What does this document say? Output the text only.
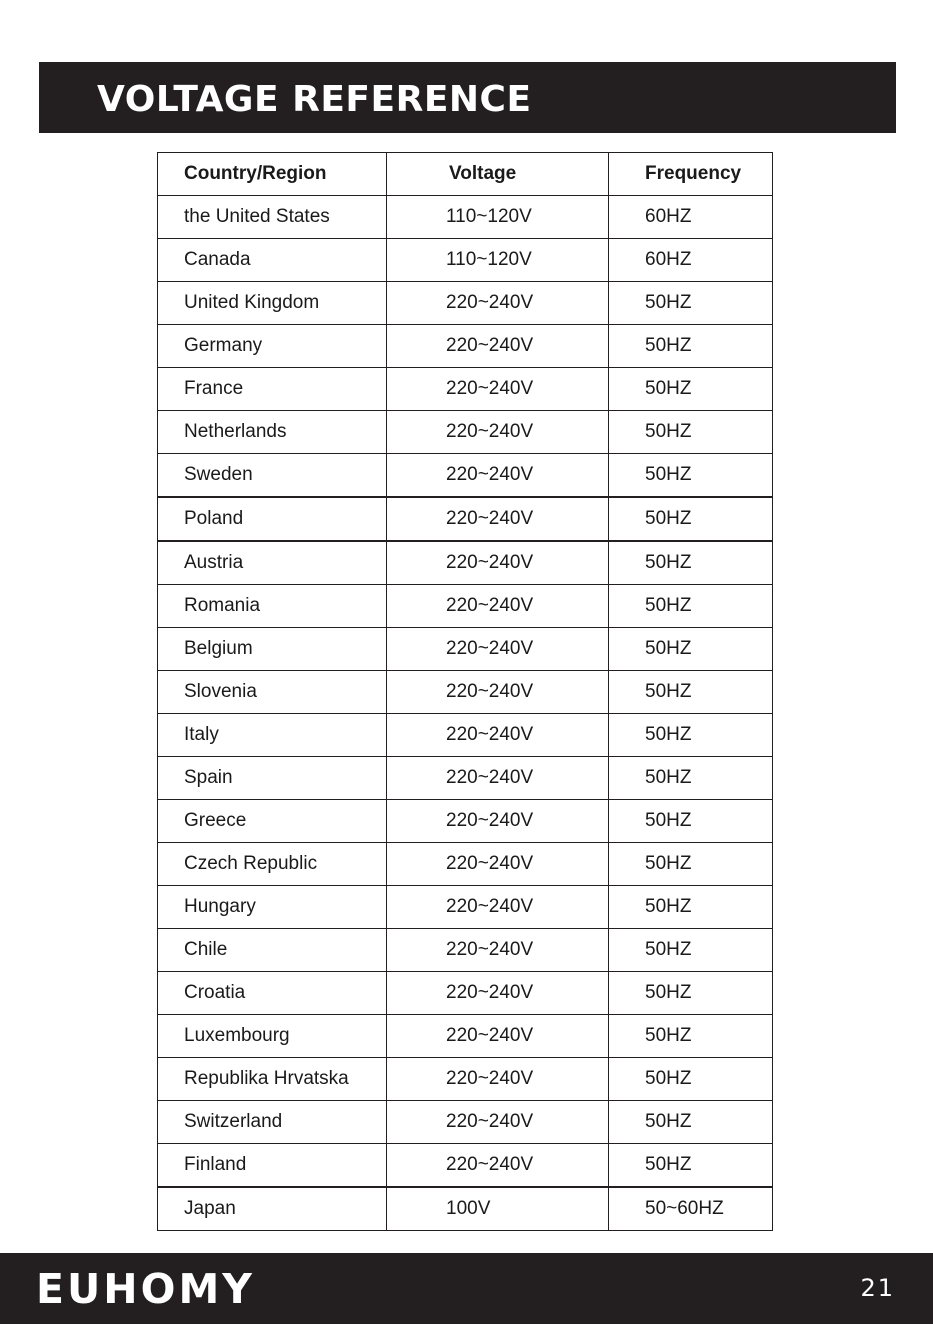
VOLTAGE REFERENCE
Country/Region	Voltage	Frequency
the United States	110~120V	60HZ
Canada	110~120V	60HZ
United Kingdom	220~240V	50HZ
Germany	220~240V	50HZ
France	220~240V	50HZ
Netherlands	220~240V	50HZ
Sweden	220~240V	50HZ
Poland	220~240V	50HZ
Austria	220~240V	50HZ
Romania	220~240V	50HZ
Belgium	220~240V	50HZ
Slovenia	220~240V	50HZ
Italy	220~240V	50HZ
Spain	220~240V	50HZ
Greece	220~240V	50HZ
Czech Republic	220~240V	50HZ
Hungary	220~240V	50HZ
Chile	220~240V	50HZ
Croatia	220~240V	50HZ
Luxembourg	220~240V	50HZ
Republika Hrvatska	220~240V	50HZ
Switzerland	220~240V	50HZ
Finland	220~240V	50HZ
Japan	100V	50~60HZ
EUHOMY	21
